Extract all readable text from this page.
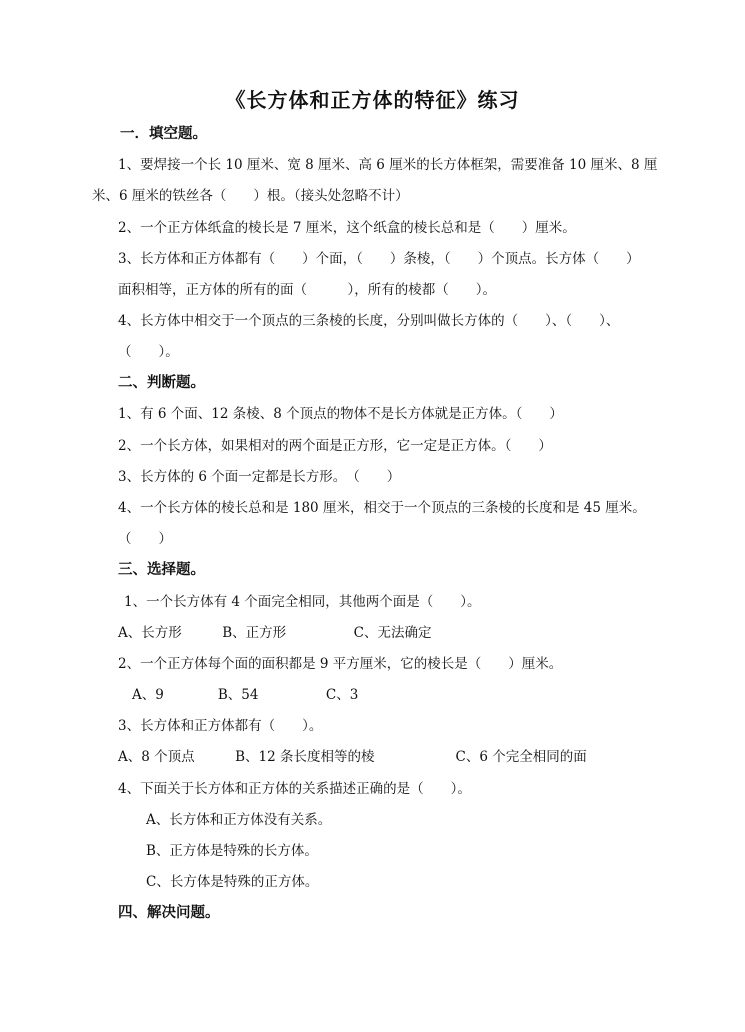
《长方体和正方体的特征》练习
一．填空题。
1、要焊接一个长 10 厘米、宽 8 厘米、高 6 厘米的长方体框架，需要准备 10 厘米、8 厘
米、6 厘米的铁丝各（　　）根。（接头处忽略不计）
2、一个正方体纸盒的棱长是 7 厘米，这个纸盒的棱长总和是（　　）厘米。
3、长方体和正方体都有（　　）个面，（　　）条棱，（　　）个顶点。长方体（　　）
面积相等，正方体的所有的面（　　　），所有的棱都（　　）。
4、长方体中相交于一个顶点的三条棱的长度，分别叫做长方体的（　　）、（　　）、
（　　）。
二、判断题。
1、有 6 个面、12 条棱、8 个顶点的物体不是长方体就是正方体。（　　）
2、一个长方体，如果相对的两个面是正方形，它一定是正方体。（　　）
3、长方体的 6 个面一定都是长方形。　（　　）
4、一个长方体的棱长总和是 180 厘米，相交于一个顶点的三条棱的长度和是 45 厘米。
（　　）
三、选择题。
1、一个长方体有 4 个面完全相同，其他两个面是（　　）。
A、长方形　　　B、正方形　　　　　C、无法确定
2、一个正方体每个面的面积都是 9 平方厘米，它的棱长是（　　）厘米。
A、9　　　　B、54　　　　　C、3
3、长方体和正方体都有（　　）。
A、8 个顶点　　　B、12 条长度相等的棱　　　　　　C、6 个完全相同的面
4、下面关于长方体和正方体的关系描述正确的是（　　）。
A、长方体和正方体没有关系。
B、正方体是特殊的长方体。
C、长方体是特殊的正方体。
四、解决问题。
